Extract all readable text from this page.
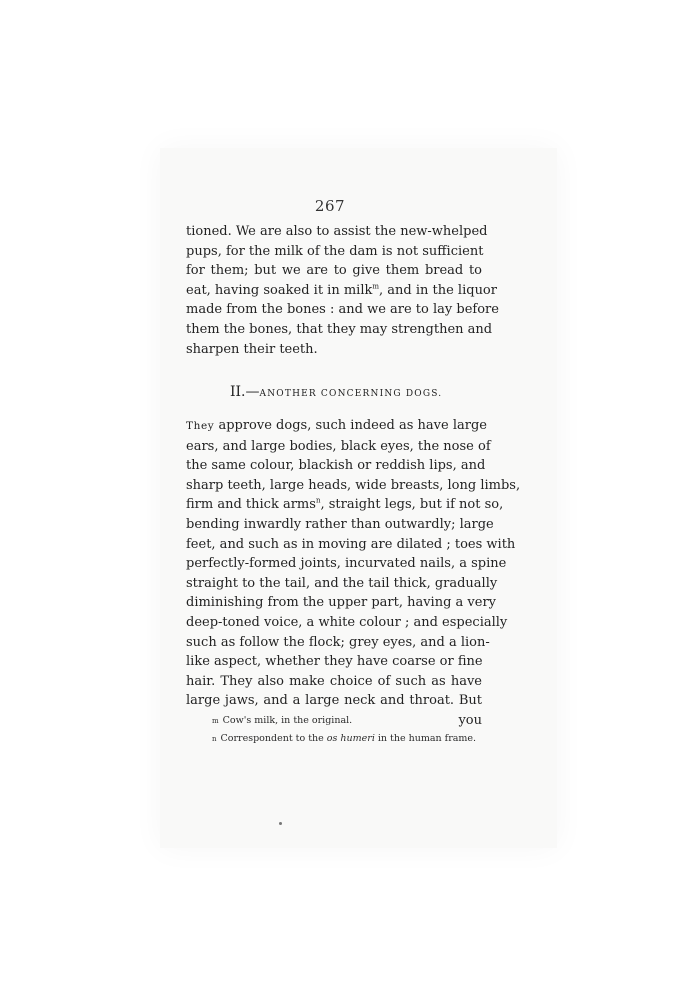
267
tioned. We are also to assist the new-whelped
pups, for the milk of the dam is not sufficient
for them; but we are to give them bread to
eat, having soaked it in milk$^m$, and in the liquor
made from the bones : and we are to lay before
them the bones, that they may strengthen and
sharpen their teeth.
II.—ANOTHER CONCERNING DOGS.
They approve dogs, such indeed as have large
ears, and large bodies, black eyes, the nose of
the same colour, blackish or reddish lips, and
sharp teeth, large heads, wide breasts, long limbs,
firm and thick arms$^n$, straight legs, but if not so,
bending inwardly rather than outwardly; large
feet, and such as in moving are dilated ; toes with
perfectly-formed joints, incurvated nails, a spine
straight to the tail, and the tail thick, gradually
diminishing from the upper part, having a very
deep-toned voice, a white colour ; and especially
such as follow the flock; grey eyes, and a lion-
like aspect, whether they have coarse or fine
hair. They also make choice of such as have
large jaws, and a large neck and throat. But
you
m Cow's milk, in the original.
n Correspondent to the os humeri in the human frame.
